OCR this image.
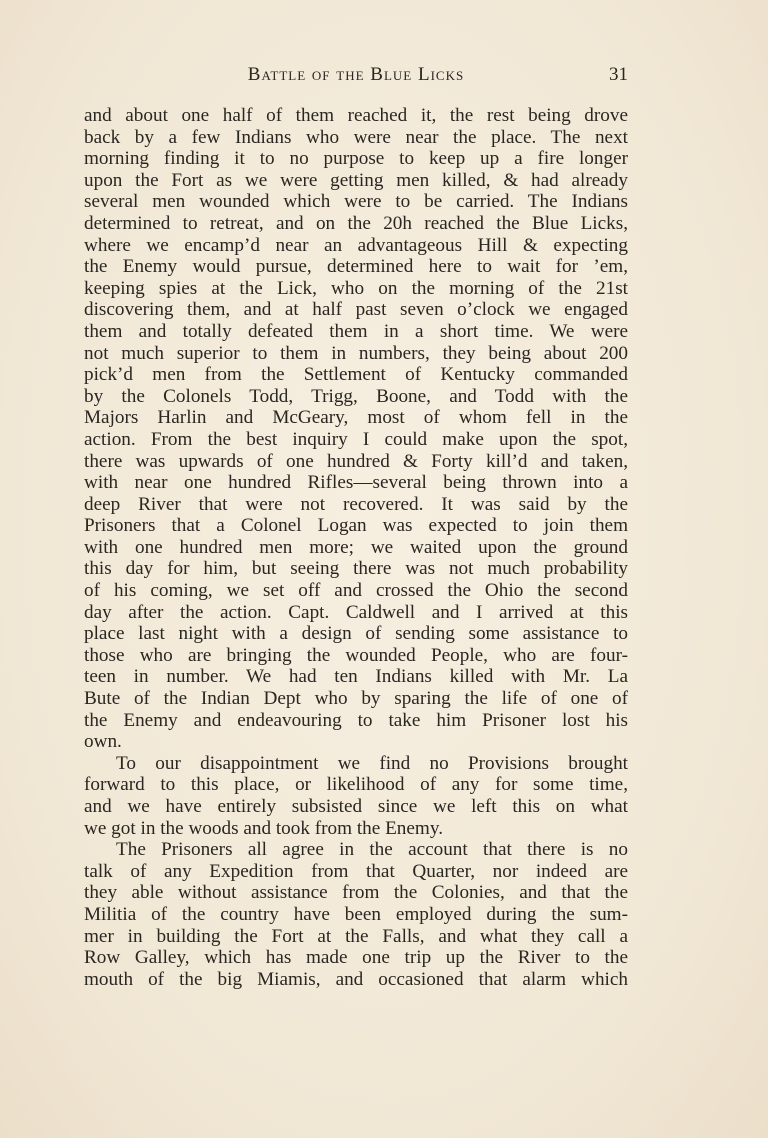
Battle of the Blue Licks	31
and about one half of them reached it, the rest being drove
back by a few Indians who were near the place. The next
morning finding it to no purpose to keep up a fire longer
upon the Fort as we were getting men killed, & had already
several men wounded which were to be carried. The Indians
determined to retreat, and on the 20h reached the Blue Licks,
where we encamp’d near an advantageous Hill & expecting
the Enemy would pursue, determined here to wait for ’em,
keeping spies at the Lick, who on the morning of the 21st
discovering them, and at half past seven o’clock we engaged
them and totally defeated them in a short time. We were
not much superior to them in numbers, they being about 200
pick’d men from the Settlement of Kentucky commanded
by the Colonels Todd, Trigg, Boone, and Todd with the
Majors Harlin and McGeary, most of whom fell in the
action. From the best inquiry I could make upon the spot,
there was upwards of one hundred & Forty kill’d and taken,
with near one hundred Rifles—several being thrown into a
deep River that were not recovered. It was said by the
Prisoners that a Colonel Logan was expected to join them
with one hundred men more; we waited upon the ground
this day for him, but seeing there was not much probability
of his coming, we set off and crossed the Ohio the second
day after the action. Capt. Caldwell and I arrived at this
place last night with a design of sending some assistance to
those who are bringing the wounded People, who are four-
teen in number. We had ten Indians killed with Mr. La
Bute of the Indian Dept who by sparing the life of one of
the Enemy and endeavouring to take him Prisoner lost his
own.
To our disappointment we find no Provisions brought
forward to this place, or likelihood of any for some time,
and we have entirely subsisted since we left this on what
we got in the woods and took from the Enemy.
The Prisoners all agree in the account that there is no
talk of any Expedition from that Quarter, nor indeed are
they able without assistance from the Colonies, and that the
Militia of the country have been employed during the sum-
mer in building the Fort at the Falls, and what they call a
Row Galley, which has made one trip up the River to the
mouth of the big Miamis, and occasioned that alarm which
